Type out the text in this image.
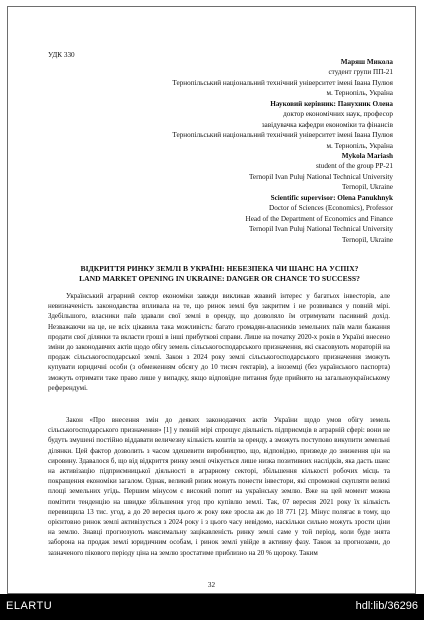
УДК 330
Маряш Микола
студент групи ПП-21
Тернопільський національний технічний університет імені Івана Пулюя
м. Тернопіль, Україна
Науковий керівник: Панухник Олена
доктор економічних наук, професор
завідувачка кафедри економіки та фінансів
Тернопільський національний технічний університет імені Івана Пулюя
м. Тернопіль, Україна
Mykola Mariash
student of the group PP-21
Ternopil Ivan Puluj National Technical University
Ternopil, Ukraine
Scientific supervisor: Olena Panukhnyk
Doctor of Sciences (Economics), Professor
Head of the Department of Economics and Finance
Ternopil Ivan Puluj National Technical University
Ternopil, Ukraine
ВІДКРИТТЯ РИНКУ ЗЕМЛІ В УКРАЇНІ: НЕБЕЗПЕКА ЧИ ШАНС НА УСПІХ?
LAND MARKET OPENING IN UKRAINE: DANGER OR CHANCE TO SUCCESS?

Український аграрний сектор економіки завжди викликав жвавий інтерес у багатьох інвесторів, але невизначеність законодавства впливала на те, що ринок землі був закритим і не розвивався у повній мірі. Здебільшого, власники паїв здавали свої землі в оренду, що дозволяло їм отримувати пасивний дохід. Незважаючи на це, не всіх цікавила така можливість: багато громадян-власників земельних паїв мали бажання продати свої ділянки та вкласти гроші в інші прибуткові справи. Лише на початку 2020-х років в Україні внесено зміни до законодавчих актів щодо обігу земель сільськогосподарського призначення, які скасовують мораторій на продаж сільськогосподарської землі. Закон з 2024 року землі сільськогосподарського призначення зможуть купувати юридичні особи (з обмеженням обсягу до 10 тисяч гектарів), а іноземці (без українського паспорта) зможуть отримати таке право лише у випадку, якщо відповідне питання буде прийнято на загальноукраїнському референдумі.

Закон «Про внесення змін до деяких законодавчих актів України щодо умов обігу земель сільськогосподарського призначення» [1] у певній мірі спрощує діяльність підприємців в аграрній сфері: вони не будуть змушені постійно віддавати величезну кількість коштів за оренду, а зможуть поступово викупити земельні ділянки. Цей фактор дозволить з часом здешевити виробництво, що, відповідно, призведе до зниження цін на сировину. Здавалося б, що від відкриття ринку землі очікується лише низка позитивних наслідків, яка дасть шанс на активізацію підприємницької діяльності в аграрному секторі, збільшення кількості робочих місць та покращення економіки загалом. Однак, великий ризик можуть понести інвестори, які спроможні скупляти великі площі земельних угідь. Першим мінусом є високий попит на українську землю. Вже на цей момент можна помітити тенденцію на швидке збільшення угод про купівлю землі. Так, 07 вересня 2021 року їх кількість перевищила 13 тис. угод, а до 20 вересня цього ж року вже зросла аж до 18 771 [2]. Мінус полягає в тому, що орієнтовно ринок землі активізується з 2024 року і з цього часу невідомо, наскільки сильно можуть зрости ціни на землю. Знавці прогнозують максимальну зацікавленість ринку землі саме у той період, коли буде знята заборона на продаж землі юридичним особам, і ринок землі увійде в активну фазу. Також за прогнозами, до зазначеного пікового періоду ціна на землю зростатиме приблизно на 20 % щороку. Таким

32
ELARTU	hdl:lib/36296
